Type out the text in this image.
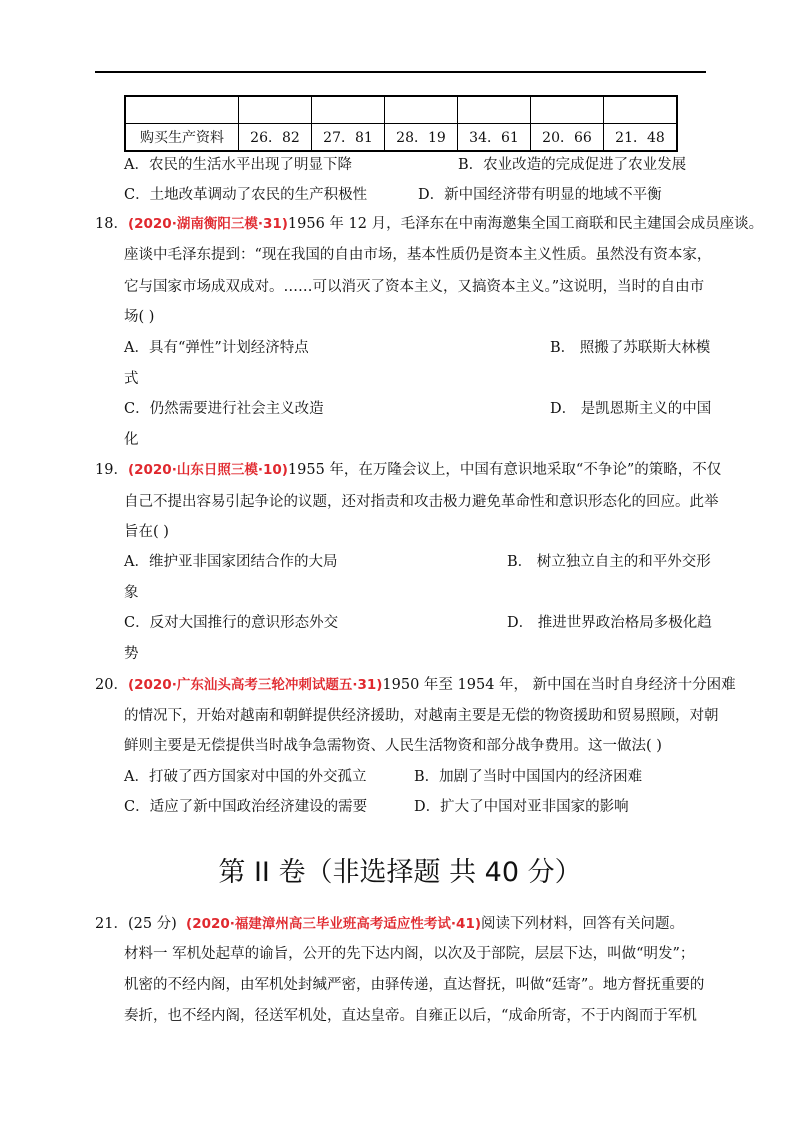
购买生产资料	26．82	27．81	28．19	34．61	20．66	21．48
A．农民的生活水平出现了明显下降	B．农业改造的完成促进了农业发展
C．土地改革调动了农民的生产积极性	D．新中国经济带有明显的地域不平衡
18．(2020·湖南衡阳三模·31)1956 年 12 月，毛泽东在中南海邀集全国工商联和民主建国会成员座谈。
座谈中毛泽东提到：“现在我国的自由市场，基本性质仍是资本主义性质。虽然没有资本家，
它与国家市场成双成对。……可以消灭了资本主义，又搞资本主义。”这说明，当时的自由市
场( )
A．具有“弹性”计划经济特点	B． 照搬了苏联斯大林模
式
C．仍然需要进行社会主义改造	D． 是凯恩斯主义的中国
化
19．(2020·山东日照三模·10)1955 年，在万隆会议上，中国有意识地采取“不争论”的策略，不仅
自己不提出容易引起争论的议题，还对指责和攻击极力避免革命性和意识形态化的回应。此举
旨在( )
A．维护亚非国家团结合作的大局	B． 树立独立自主的和平外交形
象
C．反对大国推行的意识形态外交	D． 推进世界政治格局多极化趋
势
20．(2020·广东汕头高考三轮冲刺试题五·31)1950 年至 1954 年， 新中国在当时自身经济十分困难
的情况下，开始对越南和朝鲜提供经济援助，对越南主要是无偿的物资援助和贸易照顾，对朝
鲜则主要是无偿提供当时战争急需物资、人民生活物资和部分战争费用。这一做法( )
A．打破了西方国家对中国的外交孤立	B．加剧了当时中国国内的经济困难
C．适应了新中国政治经济建设的需要	D．扩大了中国对亚非国家的影响
第 II 卷（非选择题 共 40 分）
21．(25 分) (2020·福建漳州高三毕业班高考适应性考试·41)阅读下列材料，回答有关问题。
材料一 军机处起草的谕旨，公开的先下达内阁，以次及于部院，层层下达，叫做“明发”；
机密的不经内阁，由军机处封缄严密，由驿传递，直达督抚，叫做“廷寄”。地方督抚重要的
奏折，也不经内阁，径送军机处，直达皇帝。自雍正以后，“成命所寄，不于内阁而于军机
